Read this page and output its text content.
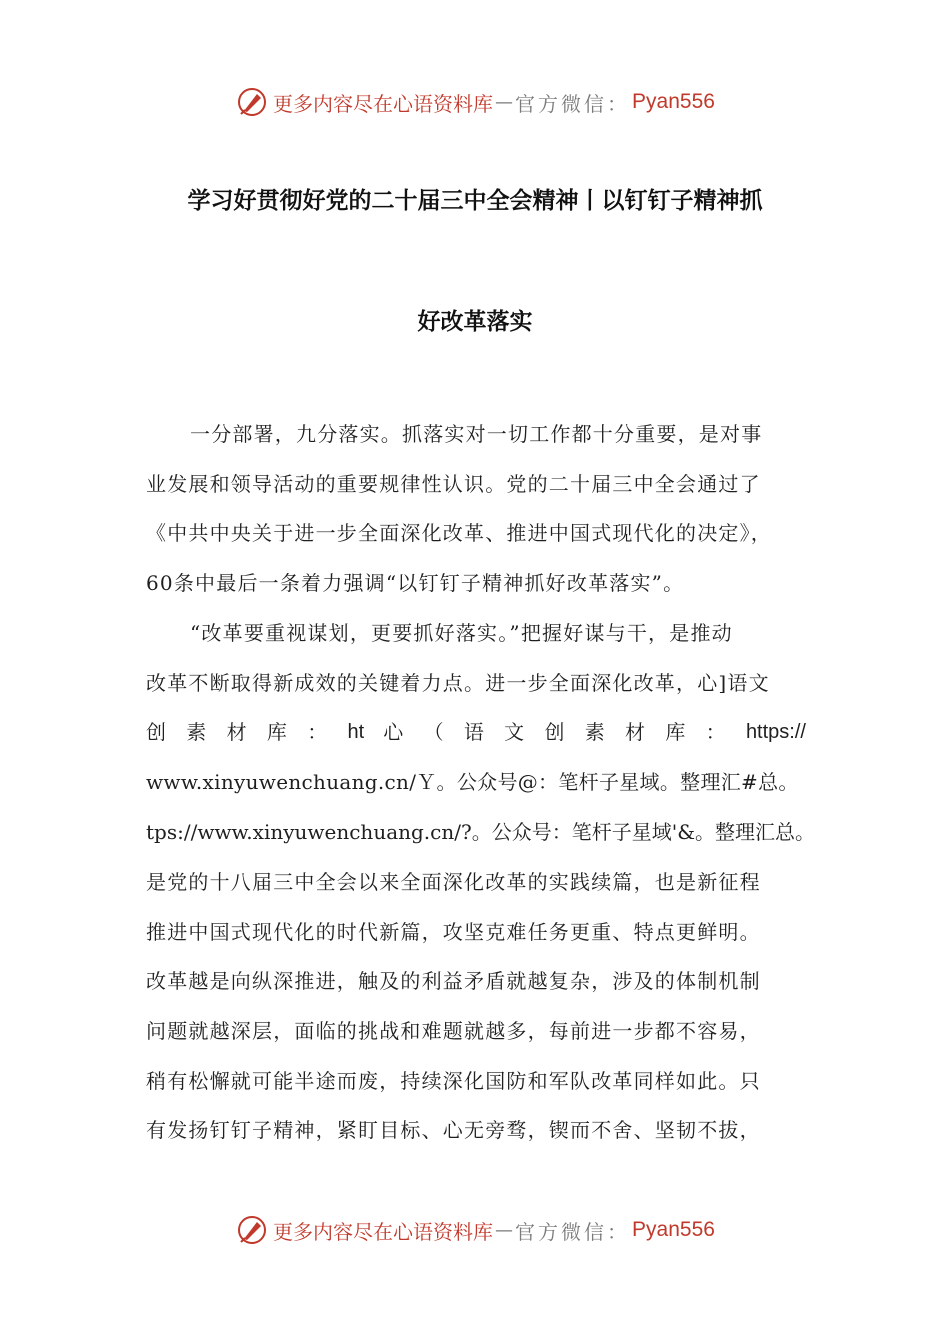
更多内容尽在心语资料库 — 官方微信： Pyan556
学习好贯彻好党的二十届三中全会精神丨以钉钉子精神抓
好改革落实
一分部署，九分落实。抓落实对一切工作都十分重要，是对事
业发展和领导活动的重要规律性认识。党的二十届三中全会通过了
《中共中央关于进一步全面深化改革、推进中国式现代化的决定》，
60条中最后一条着力强调“以钉钉子精神抓好改革落实”。
“改革要重视谋划，更要抓好落实。”把握好谋与干，是推动
改革不断取得新成效的关键着力点。进一步全面深化改革，心]语文
创 素 材 库 ： ht 心 （ 语 文 创 素 材 库 ： https://
www.xinyuwenchuang.cn/Ｙ。公众号@：笔杆子星域。整理汇#总。
tps://www.xinyuwenchuang.cn/?。公众号：笔杆子星域'&。整理汇总。
是党的十八届三中全会以来全面深化改革的实践续篇，也是新征程
推进中国式现代化的时代新篇，攻坚克难任务更重、特点更鲜明。
改革越是向纵深推进，触及的利益矛盾就越复杂，涉及的体制机制
问题就越深层，面临的挑战和难题就越多，每前进一步都不容易，
稍有松懈就可能半途而废，持续深化国防和军队改革同样如此。只
有发扬钉钉子精神，紧盯目标、心无旁骛，锲而不舍、坚韧不拔，
更多内容尽在心语资料库 — 官方微信： Pyan556
